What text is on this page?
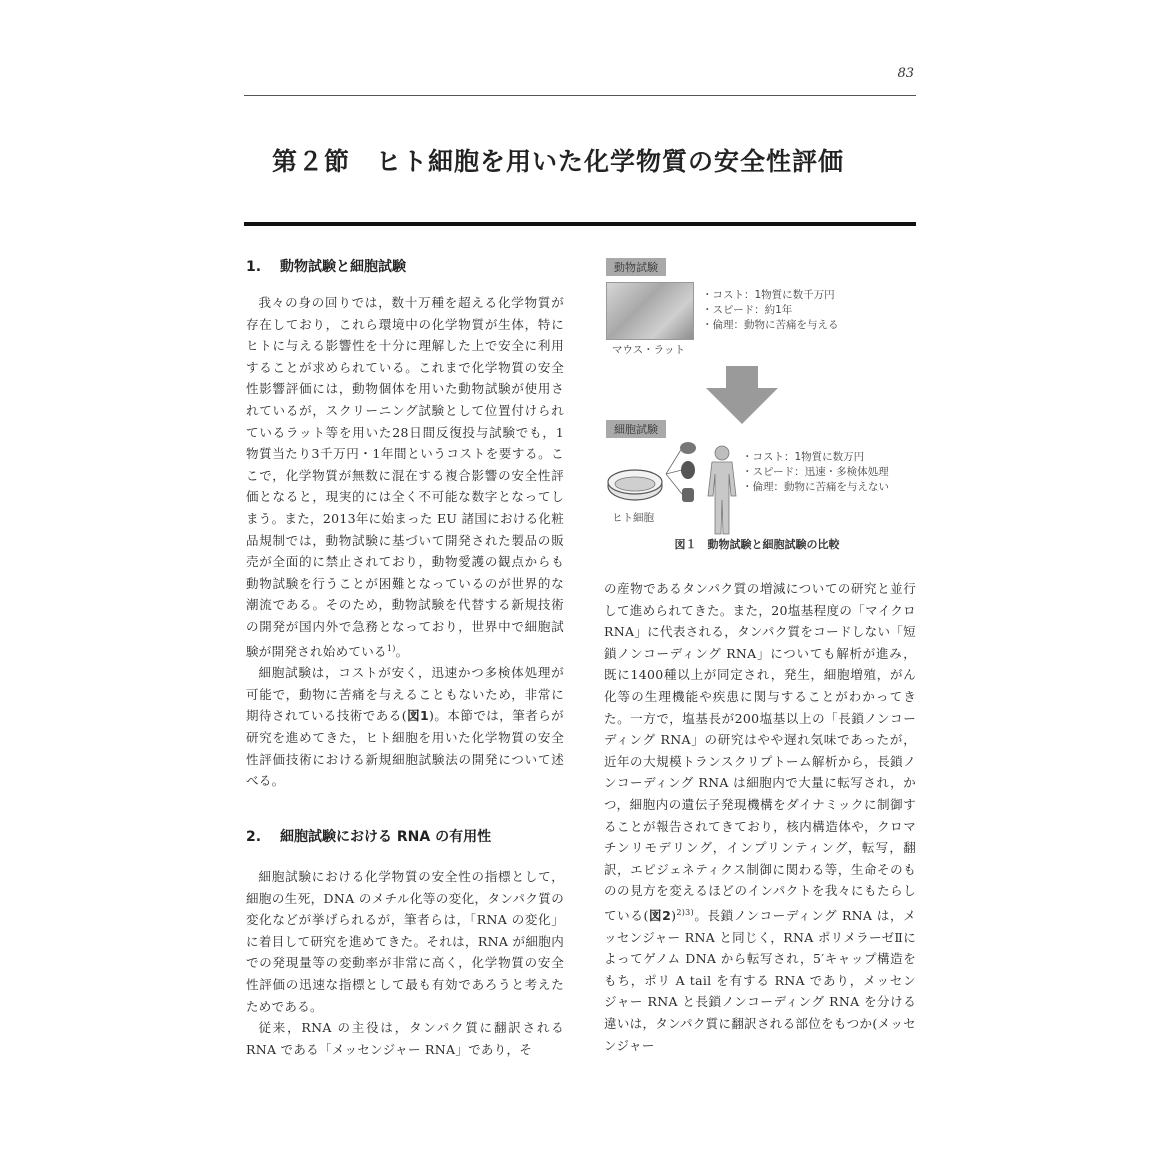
83
第２節　ヒト細胞を用いた化学物質の安全性評価
1. 動物試験と細胞試験

我々の身の回りでは，数十万種を超える化学物質が存在しており，これら環境中の化学物質が生体，特にヒトに与える影響性を十分に理解した上で安全に利用することが求められている。これまで化学物質の安全性影響評価には，動物個体を用いた動物試験が使用されているが，スクリーニング試験として位置付けられているラット等を用いた28日間反復投与試験でも，1物質当たり3千万円・1年間というコストを要する。ここで，化学物質が無数に混在する複合影響の安全性評価となると，現実的には全く不可能な数字となってしまう。また，2013年に始まった EU 諸国における化粧品規制では，動物試験に基づいて開発された製品の販売が全面的に禁止されており，動物愛護の観点からも動物試験を行うことが困難となっているのが世界的な潮流である。そのため，動物試験を代替する新規技術の開発が国内外で急務となっており，世界中で細胞試験が開発され始めている$^{1)}$。

細胞試験は，コストが安く，迅速かつ多検体処理が可能で，動物に苦痛を与えることもないため，非常に期待されている技術である(図1)。本節では，筆者らが研究を進めてきた，ヒト細胞を用いた化学物質の安全性評価技術における新規細胞試験法の開発について述べる。

2. 細胞試験における RNA の有用性

細胞試験における化学物質の安全性の指標として，細胞の生死，DNA のメチル化等の変化，タンパク質の変化などが挙げられるが，筆者らは，「RNA の変化」に着目して研究を進めてきた。それは，RNA が細胞内での発現量等の変動率が非常に高く，化学物質の安全性評価の迅速な指標として最も有効であろうと考えたためである。

従来，RNA の主役は，タンパク質に翻訳される RNA である「メッセンジャー RNA」であり，そ

動物試験
マウス・ラット
・ コスト：1物質に数千万円
・ スピード：約1年
・ 倫理：動物に苦痛を与える
細胞試験
ヒト細胞
・ コスト：1物質に数万円
・ スピード：迅速・多検体処理
・ 倫理：動物に苦痛を与えない
図１　 動物試験と細胞試験の比較

の産物であるタンパク質の増減についての研究と並行して進められてきた。また，20塩基程度の「マイクロ RNA」に代表される，タンパク質をコードしない「短鎖ノンコーディング RNA」についても解析が進み，既に1400種以上が同定され，発生，細胞増殖，がん化等の生理機能や疾患に関与することがわかってきた。一方で，塩基長が200塩基以上の「長鎖ノンコーディング RNA」の研究はやや遅れ気味であったが，近年の大規模トランスクリプトーム解析から，長鎖ノンコーディング RNA は細胞内で大量に転写され，かつ，細胞内の遺伝子発現機構をダイナミックに制御することが報告されてきており，核内構造体や，クロマチンリモデリング，インプリンティング，転写，翻訳，エピジェネティクス制御に関わる等，生命そのものの見方を変えるほどのインパクトを我々にもたらしている(図2)$^{2)3)}$。長鎖ノンコーディング RNA は，メッセンジャー RNA と同じく，RNA ポリメラーゼⅡによってゲノム DNA から転写され，5′キャップ構造をもち，ポリ A tail を有する RNA であり，メッセンジャー RNA と長鎖ノンコーディング RNA を分ける違いは，タンパク質に翻訳される部位をもつか(メッセンジャー
